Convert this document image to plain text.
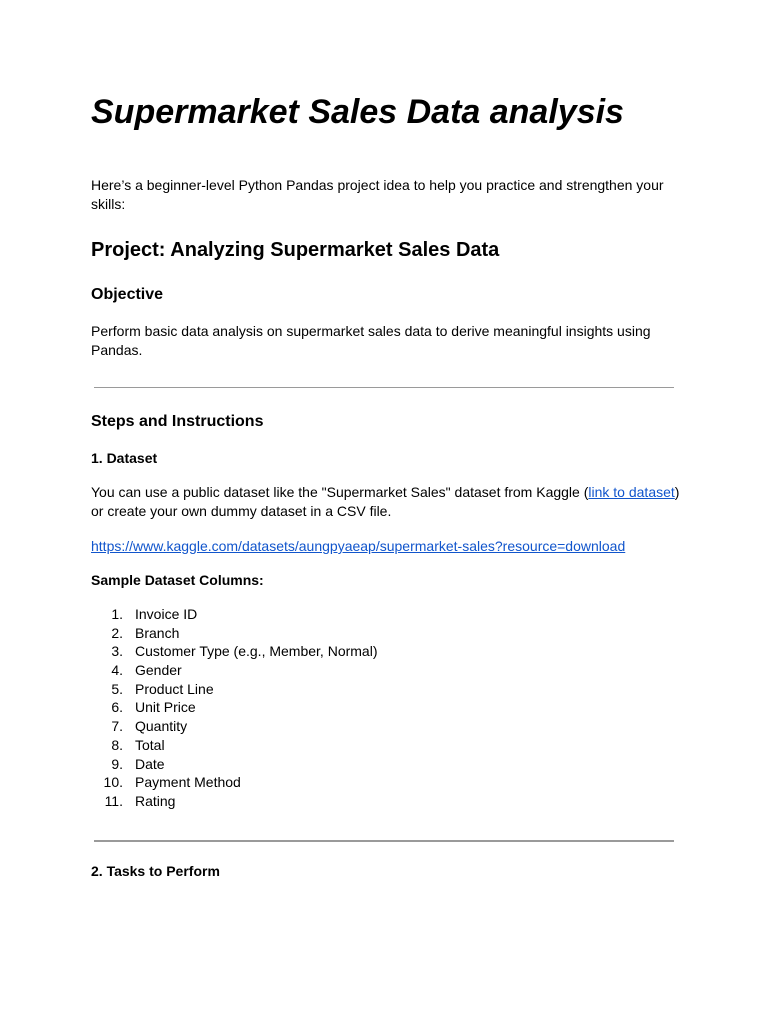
Supermarket Sales Data analysis

Here’s a beginner-level Python Pandas project idea to help you practice and strengthen your skills:

Project: Analyzing Supermarket Sales Data
Objective

Perform basic data analysis on supermarket sales data to derive meaningful insights using Pandas.

Steps and Instructions
1. Dataset

You can use a public dataset like the "Supermarket Sales" dataset from Kaggle (link to dataset) or create your own dummy dataset in a CSV file.

https://www.kaggle.com/datasets/aungpyaeap/supermarket-sales?resource=download

Sample Dataset Columns:
1. Invoice ID
2. Branch
3. Customer Type (e.g., Member, Normal)
4. Gender
5. Product Line
6. Unit Price
7. Quantity
8. Total
9. Date
10. Payment Method
11. Rating
2. Tasks to Perform
